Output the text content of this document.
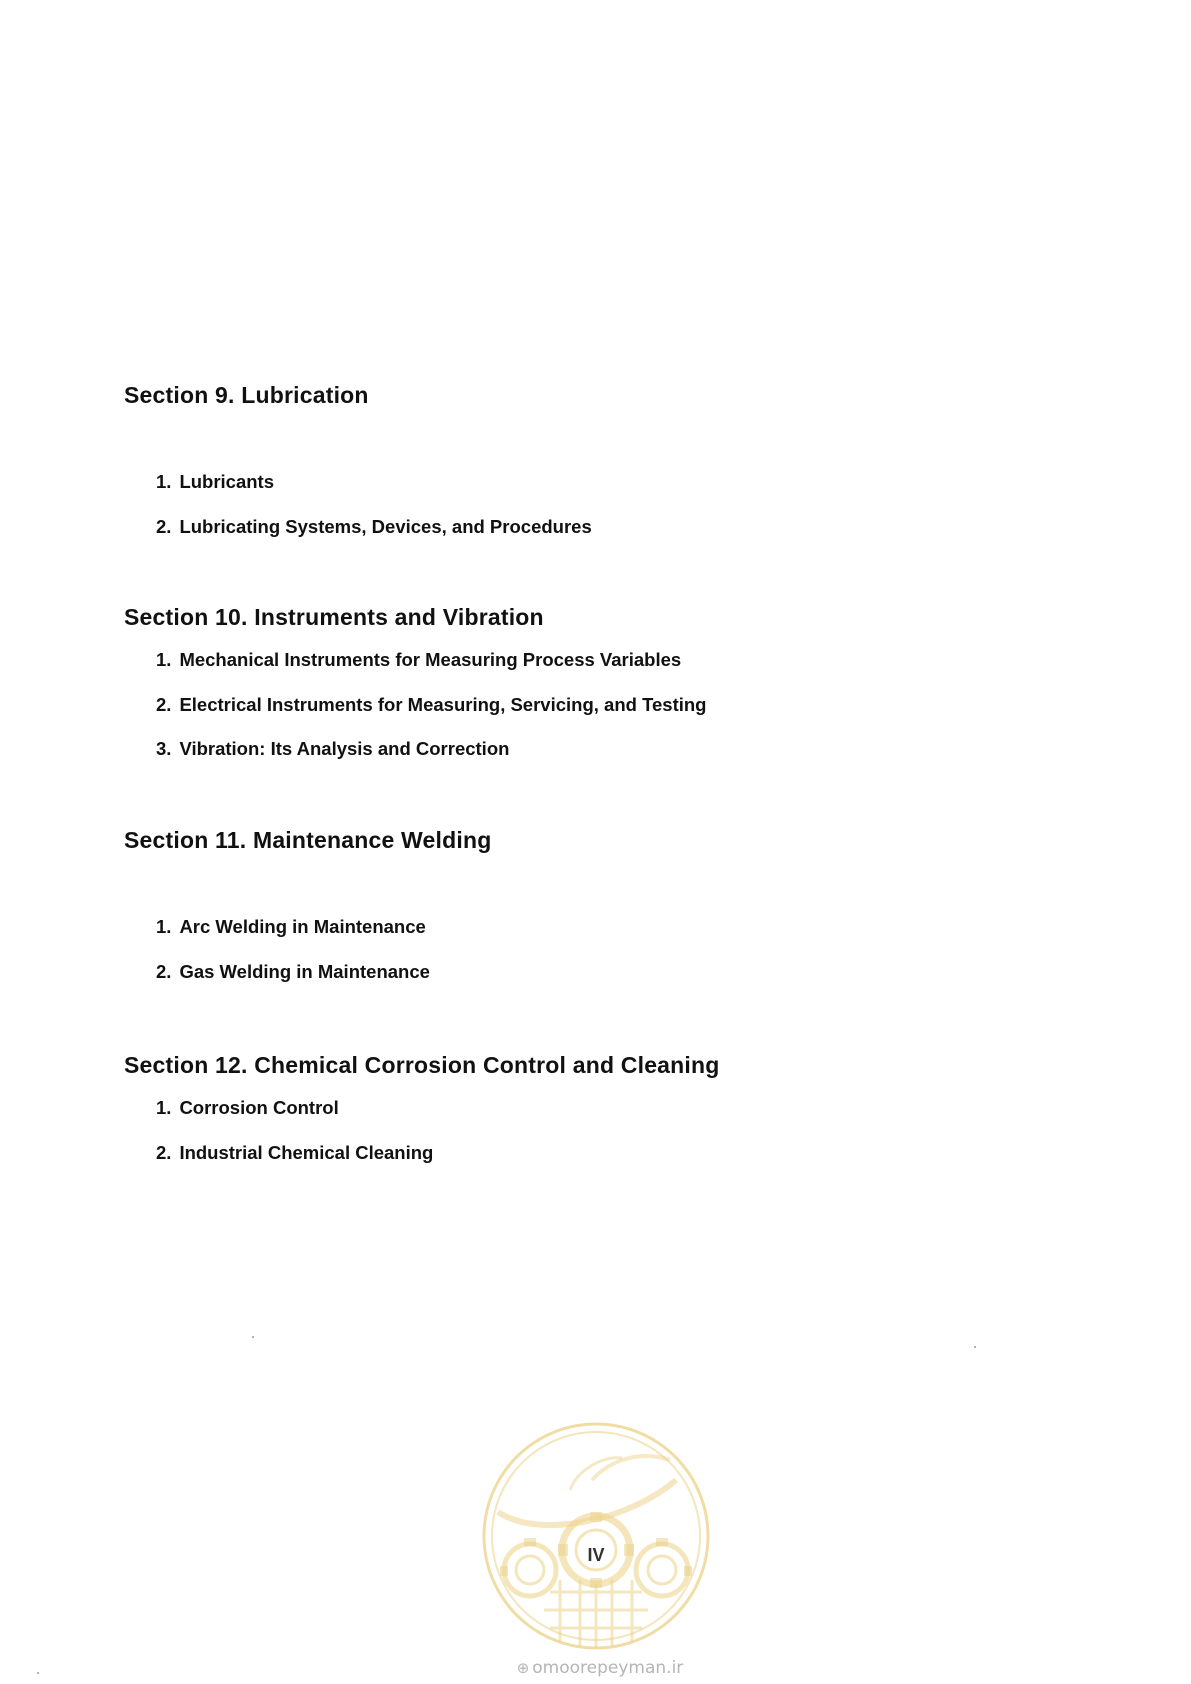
Section 9. Lubrication
1. Lubricants
2. Lubricating Systems, Devices, and Procedures
Section 10. Instruments and Vibration
1. Mechanical Instruments for Measuring Process Variables
2. Electrical Instruments for Measuring, Servicing, and Testing
3. Vibration: Its Analysis and Correction
Section 11. Maintenance Welding
1. Arc Welding in Maintenance
2. Gas Welding in Maintenance
Section 12. Chemical Corrosion Control and Cleaning
1. Corrosion Control
2. Industrial Chemical Cleaning
IV
⊕ omoorepeyman.ir
